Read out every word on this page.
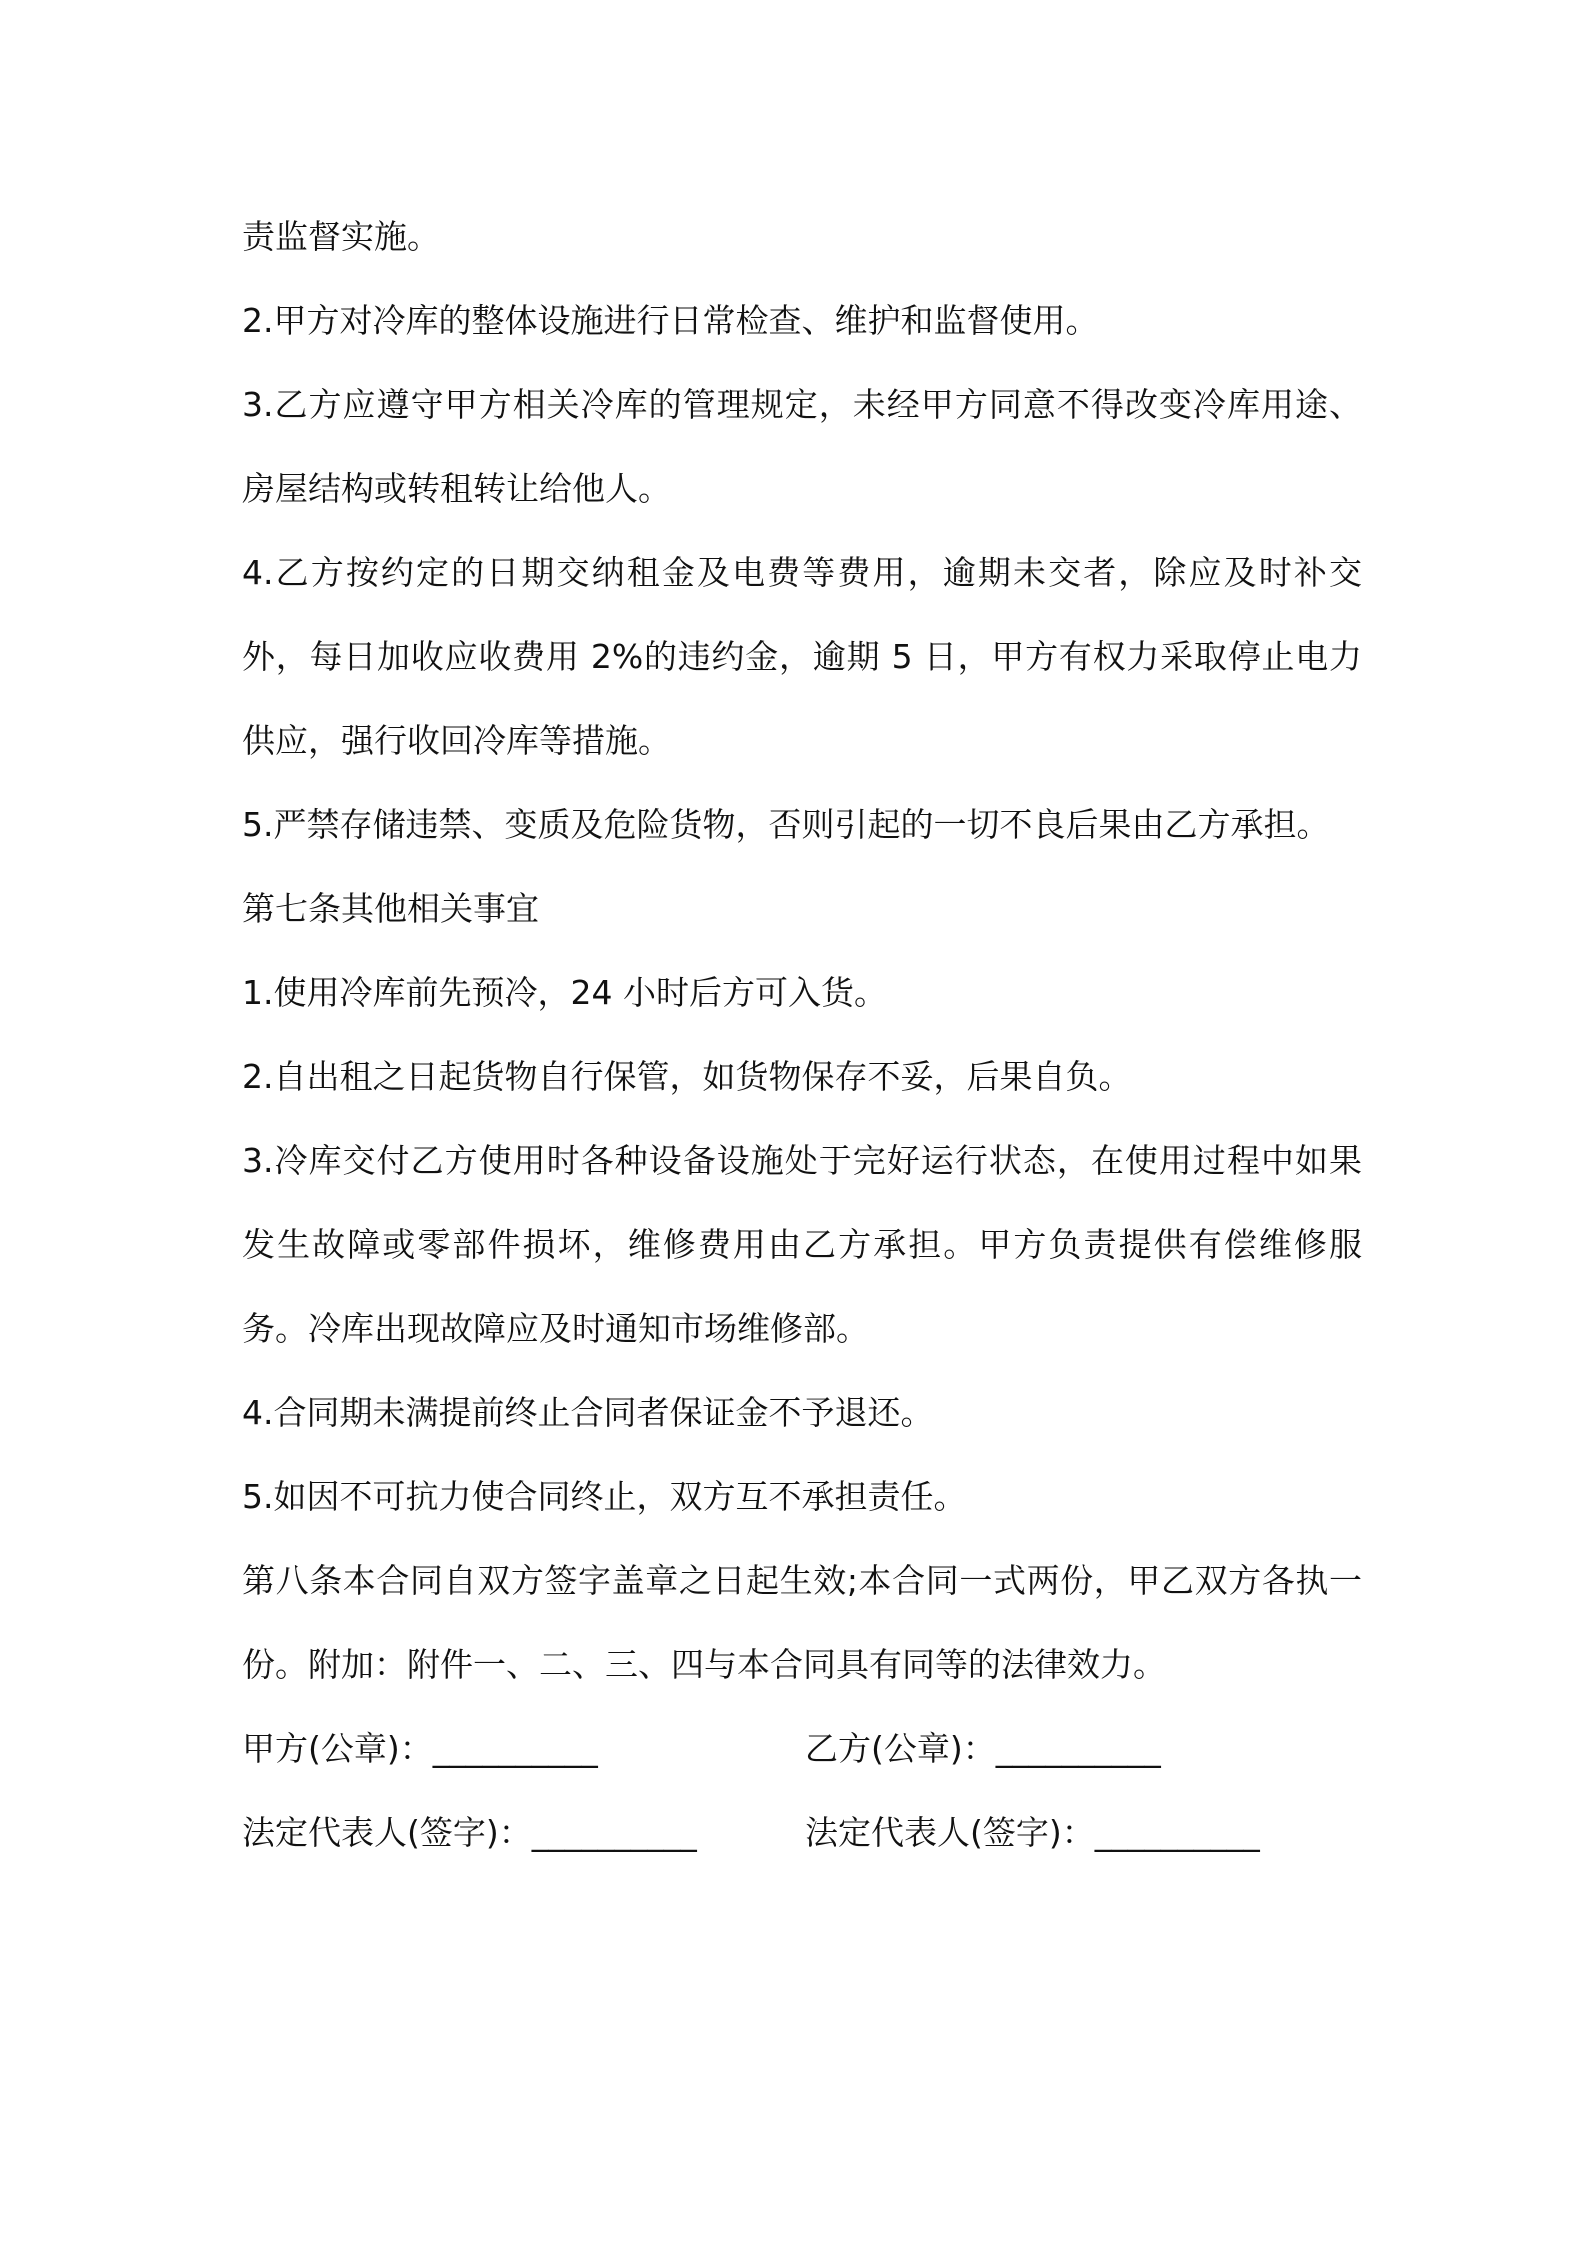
责监督实施。

2.甲方对冷库的整体设施进行日常检查、维护和监督使用。

3.乙方应遵守甲方相关冷库的管理规定，未经甲方同意不得改变冷库用途、房屋结构或转租转让给他人。

4.乙方按约定的日期交纳租金及电费等费用，逾期未交者，除应及时补交外，每日加收应收费用 2%的违约金，逾期 5 日，甲方有权力采取停止电力供应，强行收回冷库等措施。

5.严禁存储违禁、变质及危险货物，否则引起的一切不良后果由乙方承担。

第七条其他相关事宜

1.使用冷库前先预冷，24 小时后方可入货。

2.自出租之日起货物自行保管，如货物保存不妥，后果自负。

3.冷库交付乙方使用时各种设备设施处于完好运行状态，在使用过程中如果发生故障或零部件损坏，维修费用由乙方承担。甲方负责提供有偿维修服务。冷库出现故障应及时通知市场维修部。

4.合同期未满提前终止合同者保证金不予退还。

5.如因不可抗力使合同终止，双方互不承担责任。

第八条本合同自双方签字盖章之日起生效;本合同一式两份，甲乙双方各执一份。附加：附件一、二、三、四与本合同具有同等的法律效力。

甲方(公章)： __________	乙方(公章)： __________
法定代表人(签字)： __________	法定代表人(签字)： __________
